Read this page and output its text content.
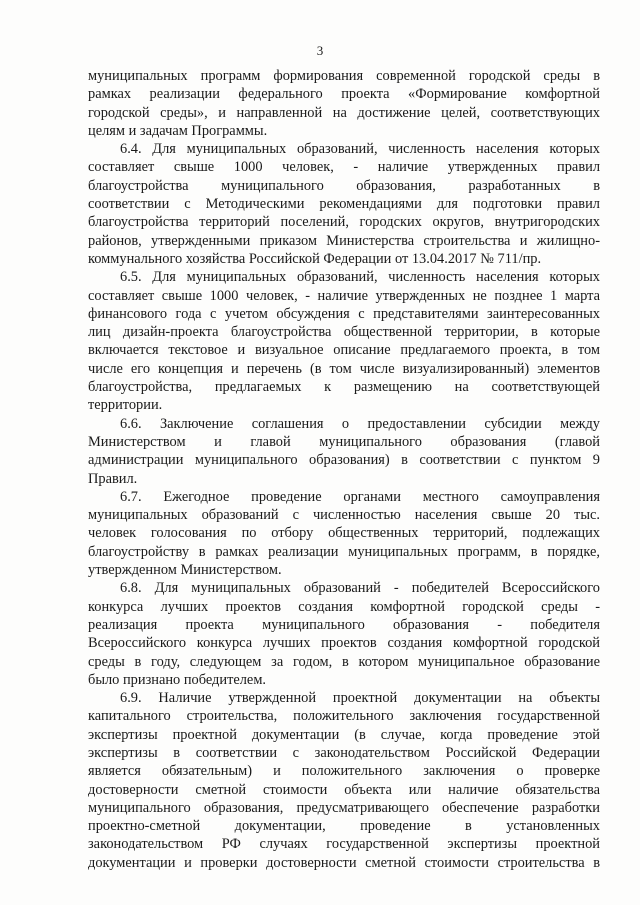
3
муниципальных программ формирования современной городской среды в
рамках реализации федерального проекта «Формирование комфортной
городской среды», и направленной на достижение целей, соответствующих
целям и задачам Программы.
6.4. Для муниципальных образований, численность населения которых
составляет свыше 1000 человек, - наличие утвержденных правил
благоустройства муниципального образования, разработанных в
соответствии с Методическими рекомендациями для подготовки правил
благоустройства территорий поселений, городских округов, внутригородских
районов, утвержденными приказом Министерства строительства и жилищно-
коммунального хозяйства Российской Федерации от 13.04.2017 № 711/пр.
6.5. Для муниципальных образований, численность населения которых
составляет свыше 1000 человек, - наличие утвержденных не позднее 1 марта
финансового года с учетом обсуждения с представителями заинтересованных
лиц дизайн-проекта благоустройства общественной территории, в которые
включается текстовое и визуальное описание предлагаемого проекта, в том
числе его концепция и перечень (в том числе визуализированный) элементов
благоустройства, предлагаемых к размещению на соответствующей
территории.
6.6. Заключение соглашения о предоставлении субсидии между
Министерством и главой муниципального образования (главой
администрации муниципального образования) в соответствии с пунктом 9
Правил.
6.7. Ежегодное проведение органами местного самоуправления
муниципальных образований с численностью населения свыше 20 тыс.
человек голосования по отбору общественных территорий, подлежащих
благоустройству в рамках реализации муниципальных программ, в порядке,
утвержденном Министерством.
6.8. Для муниципальных образований - победителей Всероссийского
конкурса лучших проектов создания комфортной городской среды -
реализация проекта муниципального образования - победителя
Всероссийского конкурса лучших проектов создания комфортной городской
среды в году, следующем за годом, в котором муниципальное образование
было признано победителем.
6.9. Наличие утвержденной проектной документации на объекты
капитального строительства, положительного заключения государственной
экспертизы проектной документации (в случае, когда проведение этой
экспертизы в соответствии с законодательством Российской Федерации
является обязательным) и положительного заключения о проверке
достоверности сметной стоимости объекта или наличие обязательства
муниципального образования, предусматривающего обеспечение разработки
проектно-сметной документации, проведение в установленных
законодательством РФ случаях государственной экспертизы проектной
документации и проверки достоверности сметной стоимости строительства в
